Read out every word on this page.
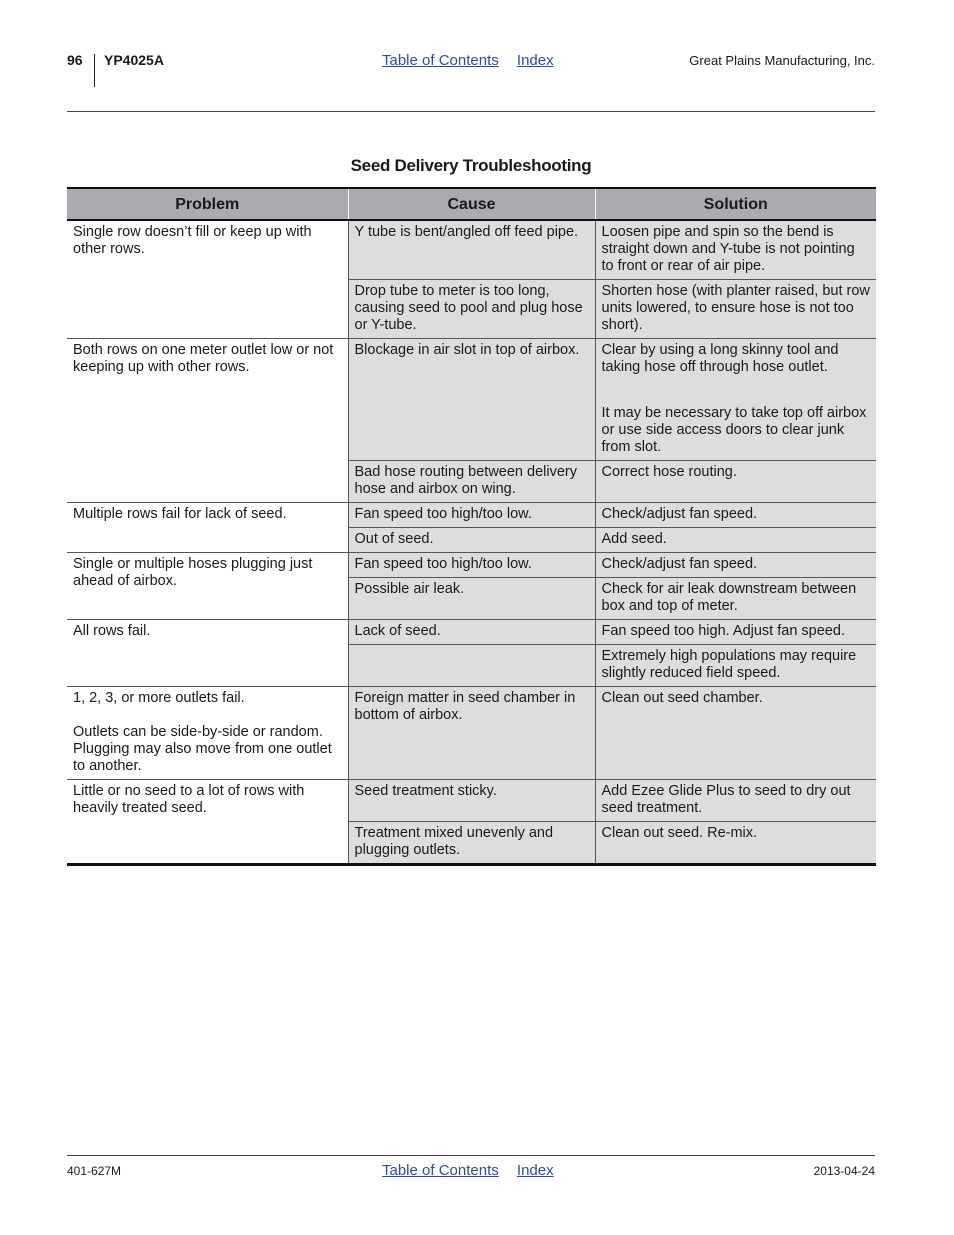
96 YP4025A	Table of Contents Index	Great Plains Manufacturing, Inc.
Seed Delivery Troubleshooting
Problem	Cause	Solution

Single row doesn’t fill or keep up with other rows.	Y tube is bent/angled off feed pipe.	Loosen pipe and spin so the bend is straight down and Y-tube is not pointing to front or rear of air pipe.

	Drop tube to meter is too long, causing seed to pool and plug hose or Y-tube.	Shorten hose (with planter raised, but row units lowered, to ensure hose is not too short).

Both rows on one meter outlet low or not keeping up with other rows.	Blockage in air slot in top of airbox.	Clear by using a long skinny tool and taking hose off through hose outlet.
It may be necessary to take top off airbox or use side access doors to clear junk from slot.

	Bad hose routing between delivery hose and airbox on wing.	Correct hose routing.

Multiple rows fail for lack of seed.	Fan speed too high/too low.	Check/adjust fan speed.

	Out of seed.	Add seed.

Single or multiple hoses plugging just ahead of airbox.	Fan speed too high/too low.	Check/adjust fan speed.

	Possible air leak.	Check for air leak downstream between box and top of meter.

All rows fail.	Lack of seed.	Fan speed too high. Adjust fan speed.

		Extremely high populations may require slightly reduced field speed.

1, 2, 3, or more outlets fail.
Outlets can be side-by-side or random. Plugging may also move from one outlet to another.	Foreign matter in seed chamber in bottom of airbox.	Clean out seed chamber.

Little or no seed to a lot of rows with heavily treated seed.	Seed treatment sticky.	Add Ezee Glide Plus to seed to dry out seed treatment.

	Treatment mixed unevenly and plugging outlets.	Clean out seed. Re-mix.
401-627M	Table of Contents Index	2013-04-24
